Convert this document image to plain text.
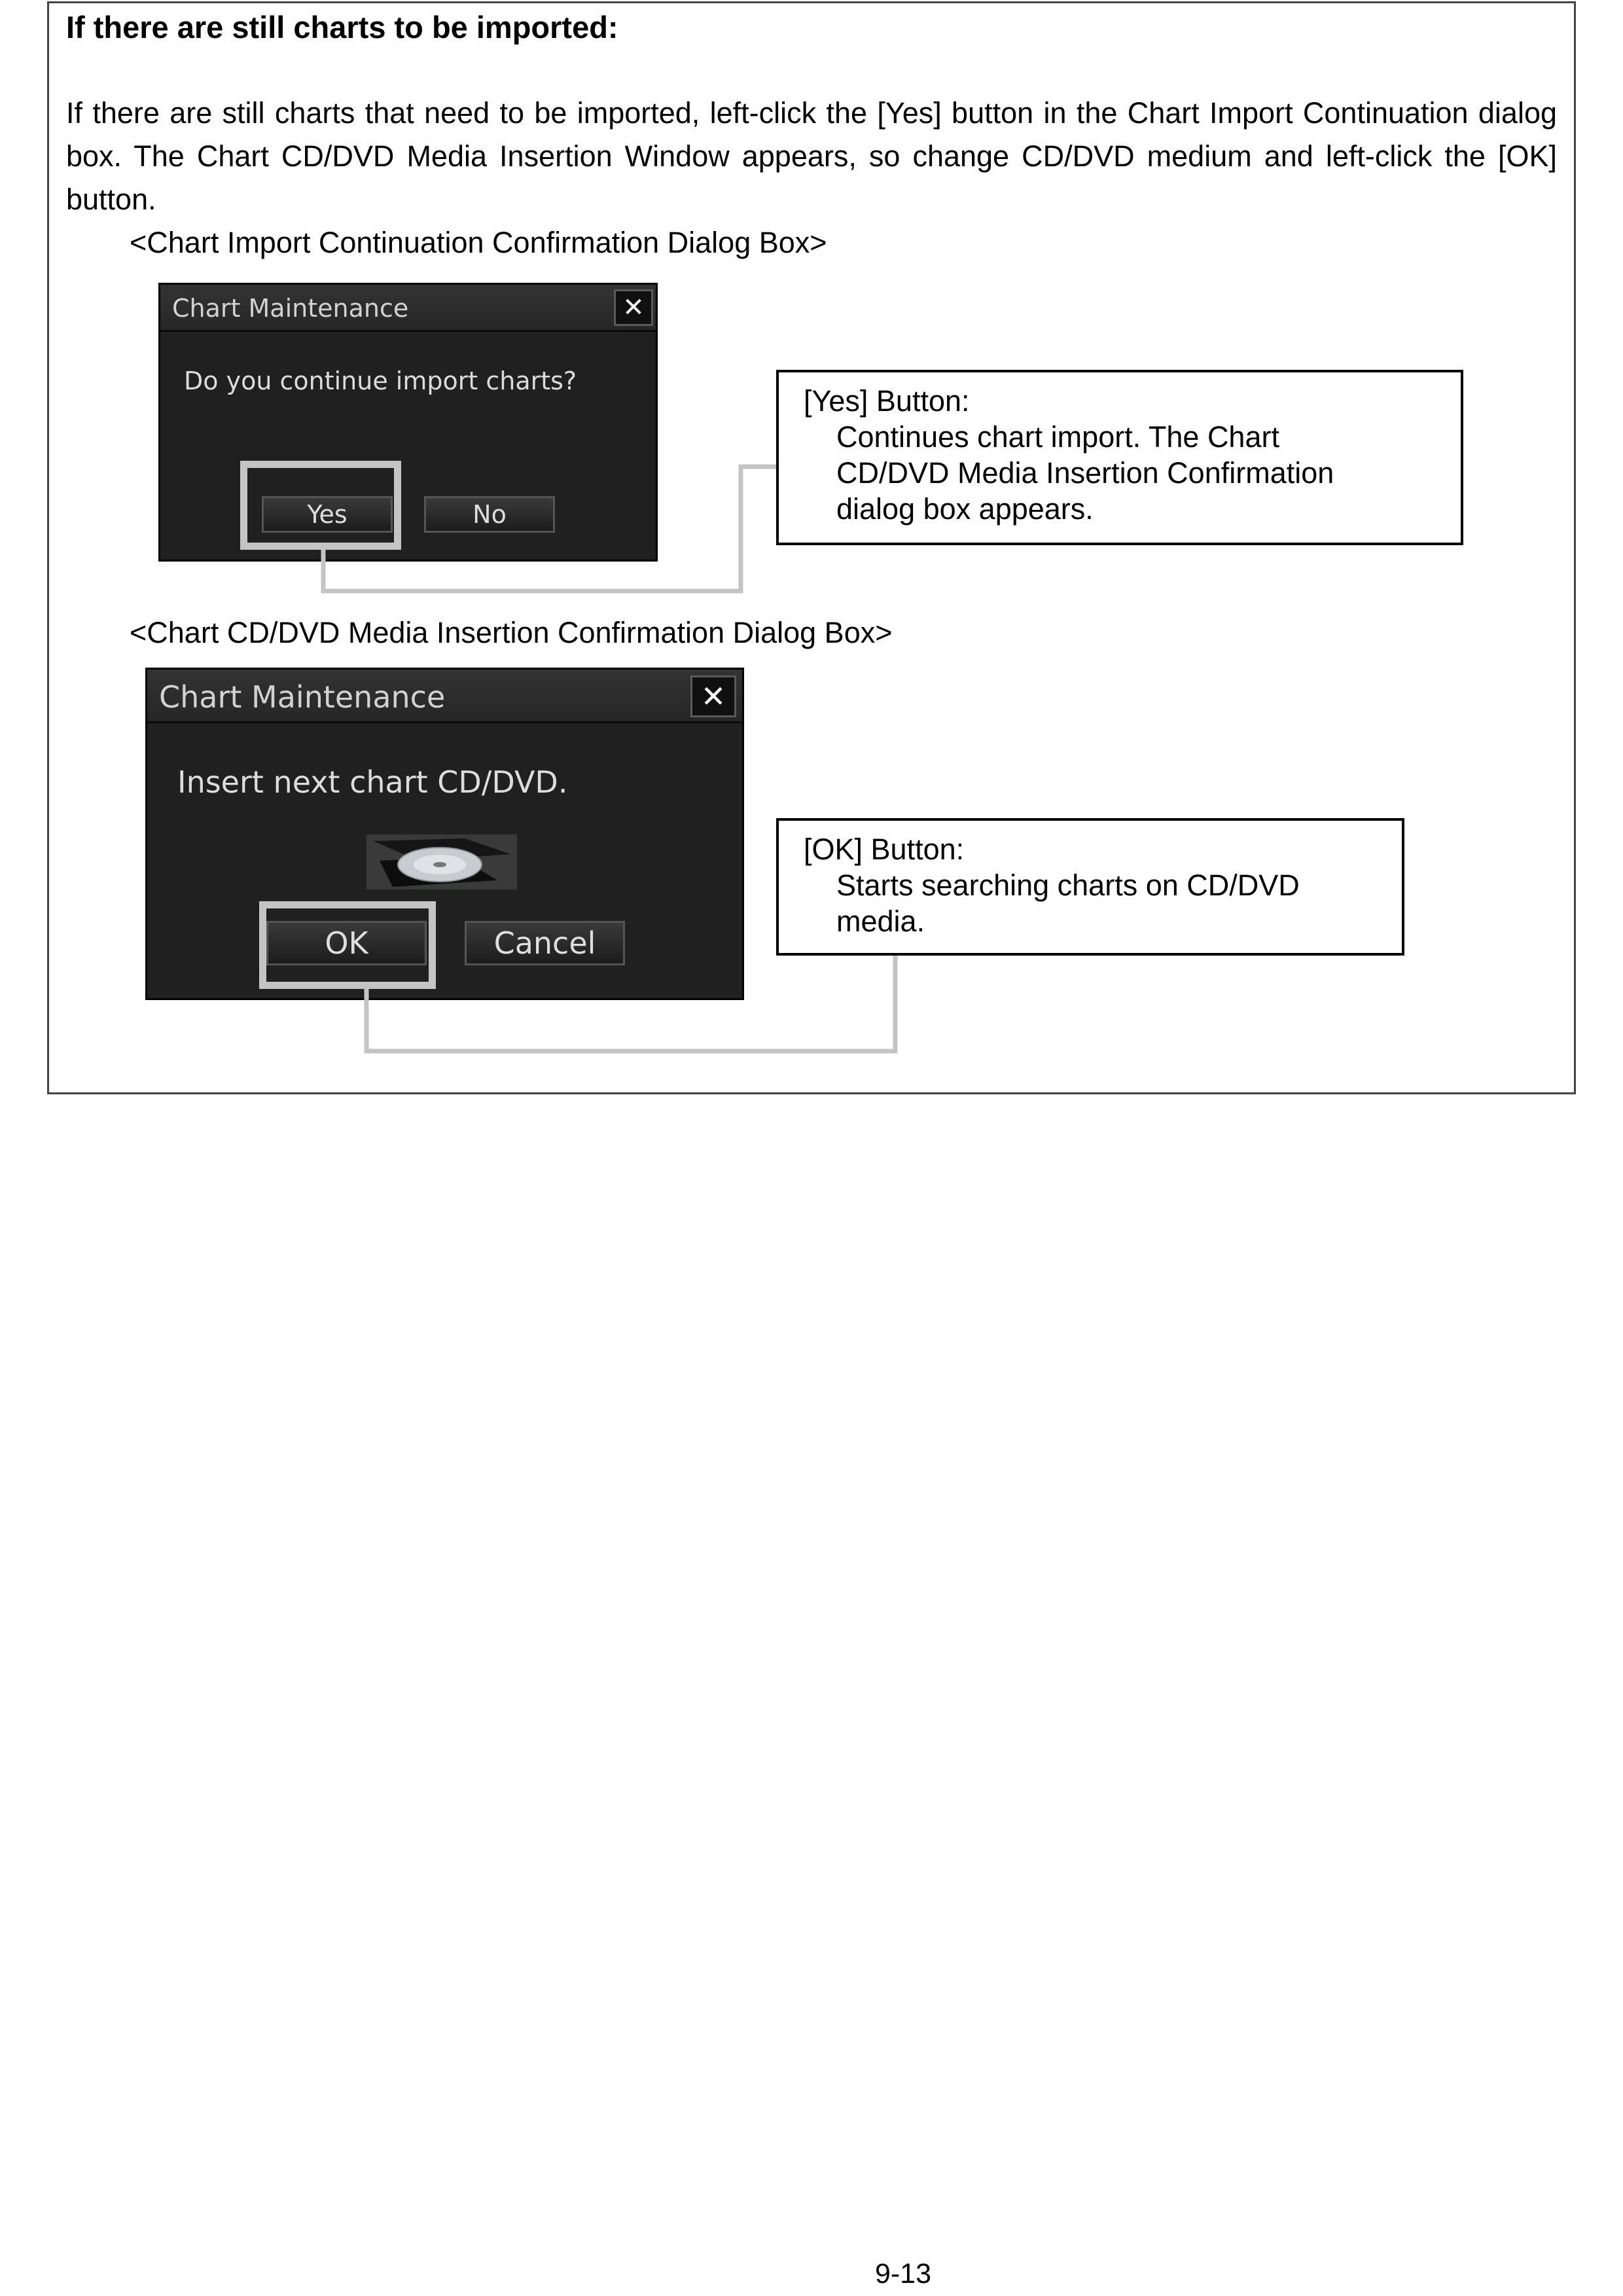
If there are still charts to be imported:
If there are still charts that need to be imported, left-click the [Yes] button in the Chart Import Continuation dialog box. The Chart CD/DVD Media Insertion Window appears, so change CD/DVD medium and left-click the [OK] button.
<Chart Import Continuation Confirmation Dialog Box>
Chart Maintenance	✕
Do you continue import charts?
Yes	No
[Yes] Button:
Continues chart import. The Chart CD/DVD Media Insertion Confirmation dialog box appears.
<Chart CD/DVD Media Insertion Confirmation Dialog Box>
Chart Maintenance	✕
Insert next chart CD/DVD.
OK	Cancel
[OK] Button:
Starts searching charts on CD/DVD media.
9-13
